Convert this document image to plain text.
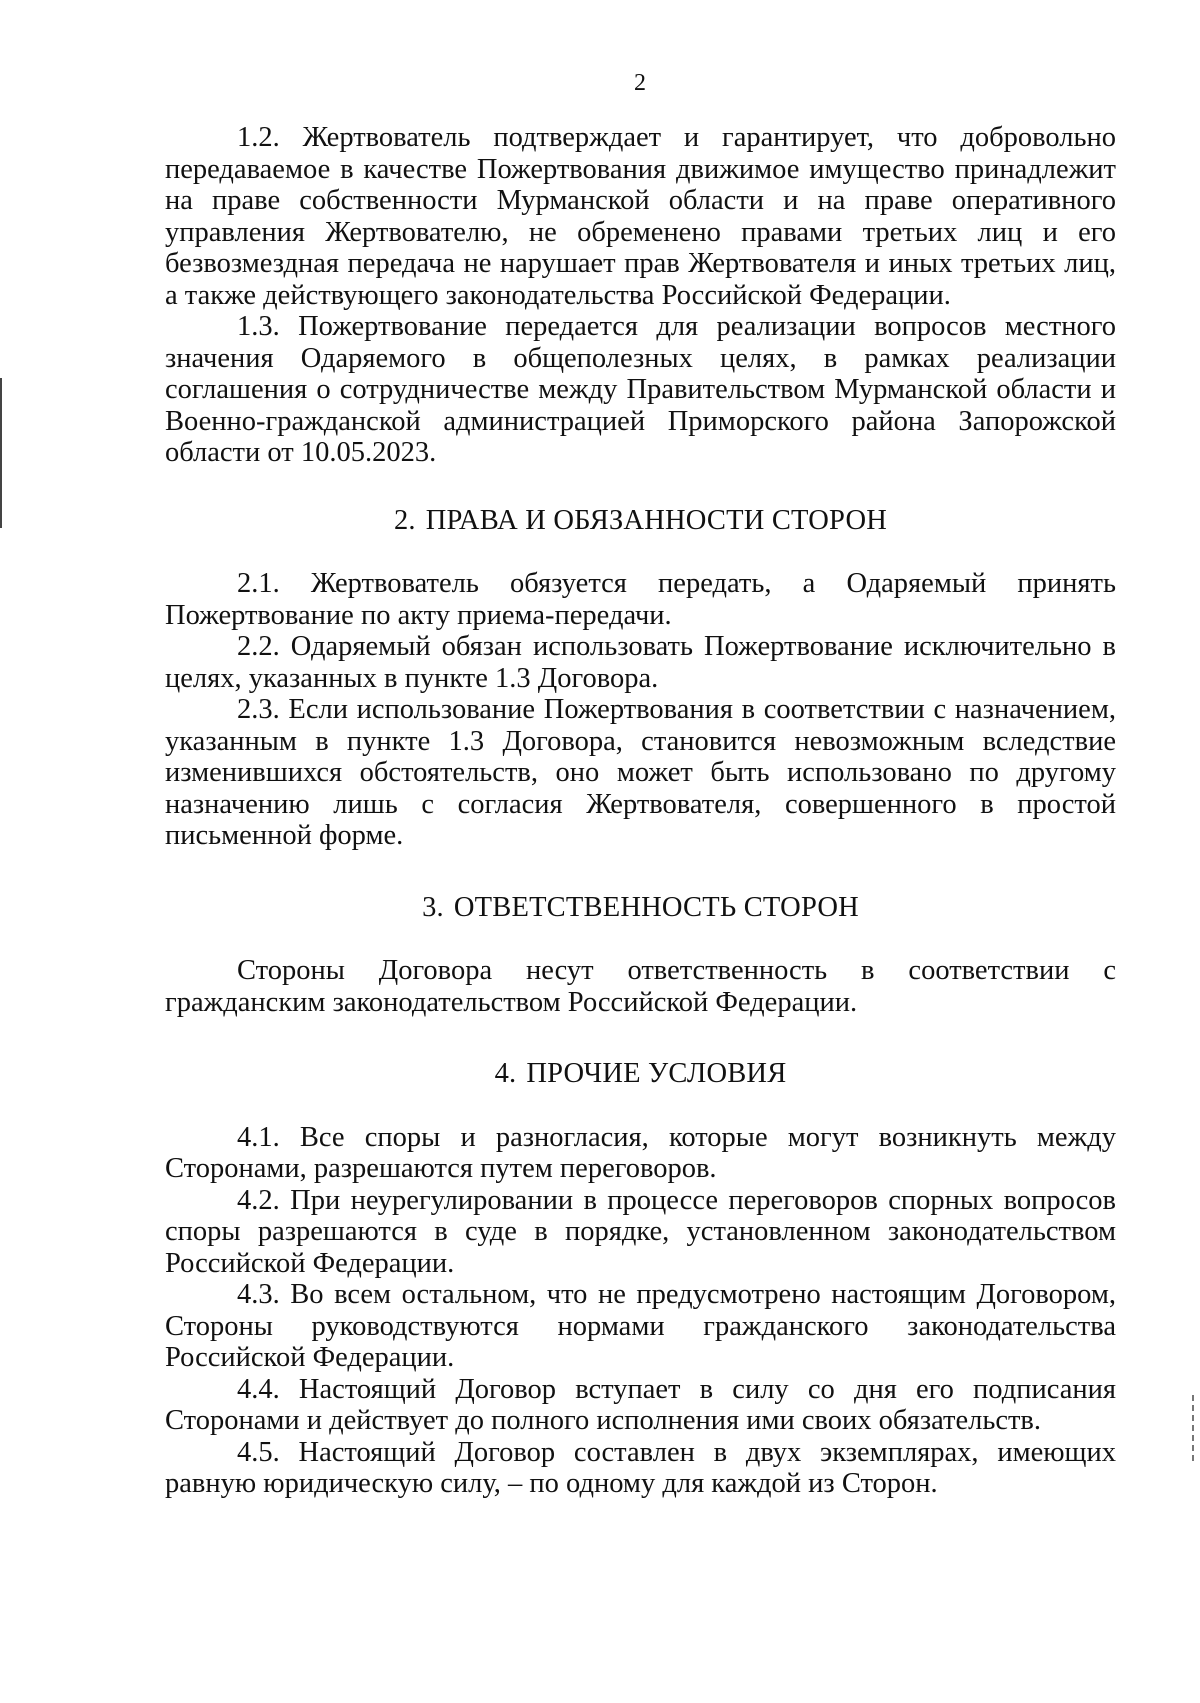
2

1.2. Жертвователь подтверждает и гарантирует, что добровольно передаваемое в качестве Пожертвования движимое имущество принадлежит на праве собственности Мурманской области и на праве оперативного управления Жертвователю, не обременено правами третьих лиц и его безвозмездная передача не нарушает прав Жертвователя и иных третьих лиц, а также действующего законодательства Российской Федерации.

1.3. Пожертвование передается для реализации вопросов местного значения Одаряемого в общеполезных целях, в рамках реализации соглашения о сотрудничестве между Правительством Мурманской области и Военно-гражданской администрацией Приморского района Запорожской области от 10.05.2023.

2. ПРАВА И ОБЯЗАННОСТИ СТОРОН

2.1. Жертвователь обязуется передать, а Одаряемый принять Пожертвование по акту приема-передачи.

2.2. Одаряемый обязан использовать Пожертвование исключительно в целях, указанных в пункте 1.3 Договора.

2.3. Если использование Пожертвования в соответствии с назначением, указанным в пункте 1.3 Договора, становится невозможным вследствие изменившихся обстоятельств, оно может быть использовано по другому назначению лишь с согласия Жертвователя, совершенного в простой письменной форме.

3. ОТВЕТСТВЕННОСТЬ СТОРОН

Стороны Договора несут ответственность в соответствии с гражданским законодательством Российской Федерации.

4. ПРОЧИЕ УСЛОВИЯ

4.1. Все споры и разногласия, которые могут возникнуть между Сторонами, разрешаются путем переговоров.

4.2. При неурегулировании в процессе переговоров спорных вопросов споры разрешаются в суде в порядке, установленном законодательством Российской Федерации.

4.3. Во всем остальном, что не предусмотрено настоящим Договором, Стороны руководствуются нормами гражданского законодательства Российской Федерации.

4.4. Настоящий Договор вступает в силу со дня его подписания Сторонами и действует до полного исполнения ими своих обязательств.

4.5. Настоящий Договор составлен в двух экземплярах, имеющих равную юридическую силу, – по одному для каждой из Сторон.
